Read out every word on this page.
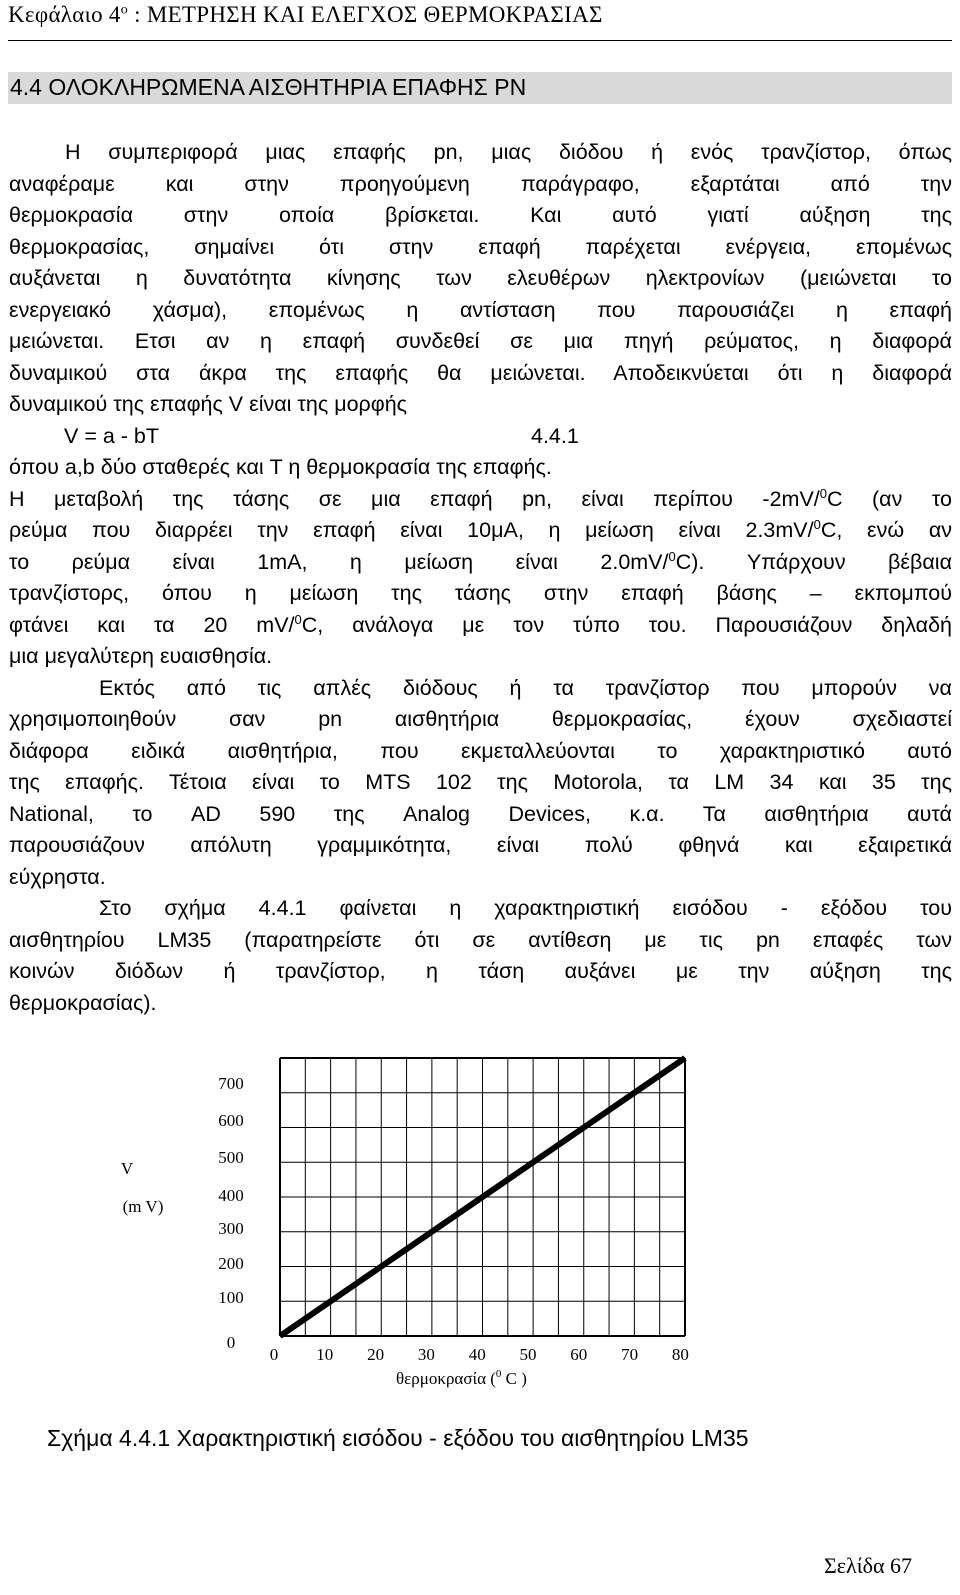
Κεφάλαιο $4^o$ : ΜΕΤΡΗΣΗ ΚΑΙ ΕΛΕΓΧΟΣ ΘΕΡΜΟΚΡΑΣΙΑΣ
4.4 ΟΛΟΚΛΗΡΩΜΕΝΑ ΑΙΣΘΗΤΗΡΙΑ ΕΠΑΦΗΣ PN
Η συμπεριφορά μιας επαφής pn, μιας διόδου ή ενός τρανζίστορ, όπως
αναφέραμε και στην προηγούμενη παράγραφο, εξαρτάται από την
θερμοκρασία στην οποία βρίσκεται. Και αυτό γιατί αύξηση της
θερμοκρασίας, σημαίνει ότι στην επαφή παρέχεται ενέργεια, επομένως
αυξάνεται η δυνατότητα κίνησης των ελευθέρων ηλεκτρονίων (μειώνεται το
ενεργειακό χάσμα), επομένως η αντίσταση που παρουσιάζει η επαφή
μειώνεται. Ετσι αν η επαφή συνδεθεί σε μια πηγή ρεύματος, η διαφορά
δυναμικού στα άκρα της επαφής θα μειώνεται. Αποδεικνύεται ότι η διαφορά
δυναμικού της επαφής V είναι της μορφής
V = a - bT	4.4.1
όπου a,b δύο σταθερές και T η θερμοκρασία της επαφής.
Η μεταβολή της τάσης σε μια επαφή pn, είναι περίπου -2mV/$^0$C (αν το
ρεύμα που διαρρέει την επαφή είναι 10μA, η μείωση είναι 2.3mV/$^0$C, ενώ αν
το ρεύμα είναι 1mA, η μείωση είναι 2.0mV/$^0$C). Υπάρχουν βέβαια
τρανζίστορς, όπου η μείωση της τάσης στην επαφή βάσης – εκπομπού
φτάνει και τα 20 mV/$^0$C, ανάλογα με τον τύπο του. Παρουσιάζουν δηλαδή
μια μεγαλύτερη ευαισθησία.
Εκτός από τις απλές διόδους ή τα τρανζίστορ που μπορούν να
χρησιμοποιηθούν σαν pn αισθητήρια θερμοκρασίας, έχουν σχεδιαστεί
διάφορα ειδικά αισθητήρια, που εκμεταλλεύονται το χαρακτηριστικό αυτό
της επαφής. Τέτοια είναι το MTS 102 της Motorola, τα LM 34 και 35 της
National, το AD 590 της Analog Devices, κ.α. Τα αισθητήρια αυτά
παρουσιάζουν απόλυτη γραμμικότητα, είναι πολύ φθηνά και εξαιρετικά
εύχρηστα.
Στο σχήμα 4.4.1 φαίνεται η χαρακτηριστική εισόδου - εξόδου του
αισθητηρίου LM35 (παρατηρείστε ότι σε αντίθεση με τις pn επαφές των
κοινών διόδων ή τρανζίστορ, η τάση αυξάνει με την αύξηση της
θερμοκρασίας).
V
(m V)
θερμοκρασία ($^0$ C )
0
100
200
300
400
500
600
700
0 10 20 30 40 50 60 70 80
Σχήμα 4.4.1 Χαρακτηριστική εισόδου - εξόδου του αισθητηρίου LM35
Σελίδα 67
